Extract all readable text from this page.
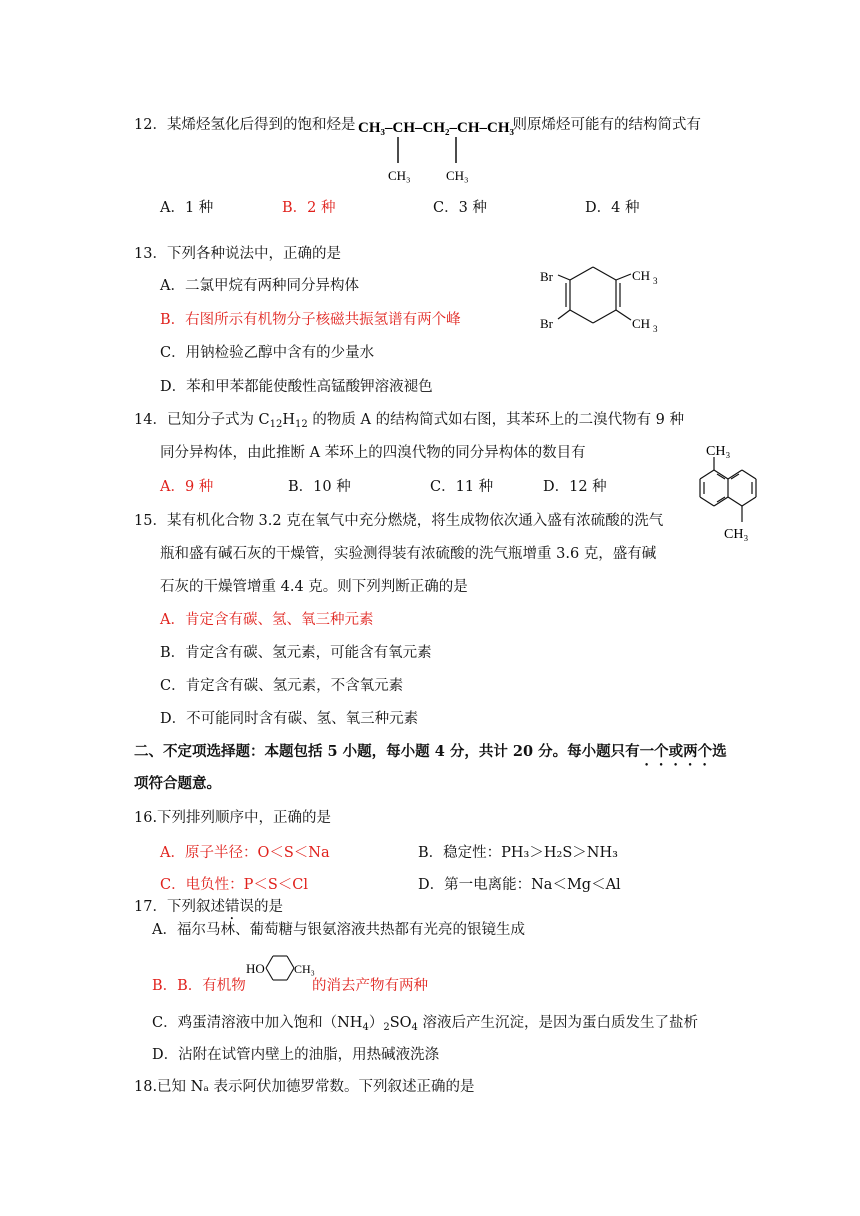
12．某烯烃氢化后得到的饱和烃是 CH₃–CH–CH₂–CH–CH₃
CH₃	CH₃
，则原烯烃可能有的结构简式有
A．1 种	B．2 种	C．3 种	D．4 种
13．下列各种说法中，正确的是
A．二氯甲烷有两种同分异构体
B．右图所示有机物分子核磁共振氢谱有两个峰
C．用钠检验乙醇中含有的少量水
D．苯和甲苯都能使酸性高锰酸钾溶液褪色
Br
Br
CH 3
CH 3
14．已知分子式为 $C_{12}H_{12}$ 的物质 A 的结构简式如右图，其苯环上的二溴代物有 9 种
同分异构体，由此推断 A 苯环上的四溴代物的同分异构体的数目有
A．9 种	B．10 种	C．11 种	D．12 种
CH₃
CH₃
15．某有机化合物 3.2 克在氧气中充分燃烧，将生成物依次通入盛有浓硫酸的洗气
瓶和盛有碱石灰的干燥管，实验测得装有浓硫酸的洗气瓶增重 3.6 克，盛有碱
石灰的干燥管增重 4.4 克。则下列判断正确的是
A．肯定含有碳、氢、氧三种元素
B．肯定含有碳、氢元素，可能含有氧元素
C．肯定含有碳、氢元素，不含氧元素
D．不可能同时含有碳、氢、氧三种元素
二、不定项选择题：本题包括 5 小题，每小题 4 分，共计 20 分。每小题只有一个或两个选
项符合题意。
16.下列排列顺序中，正确的是
A．原子半径：O＜S＜Na	B．稳定性：PH₃＞H₂S＞NH₃
C．电负性：P＜S＜Cl	D．第一电离能：Na＜Mg＜Al
17．下列叙述错误的是
A．福尔马林、葡萄糖与银氨溶液共热都有光亮的银镜生成
HO CH₃
B．B．有机物	的消去产物有两种
C．鸡蛋清溶液中加入饱和$(NH_4)_2SO_4$ 溶液后产生沉淀，是因为蛋白质发生了盐析
D．沾附在试管内壁上的油脂，用热碱液洗涤
18.已知 Nₐ 表示阿伏加德罗常数。下列叙述正确的是
